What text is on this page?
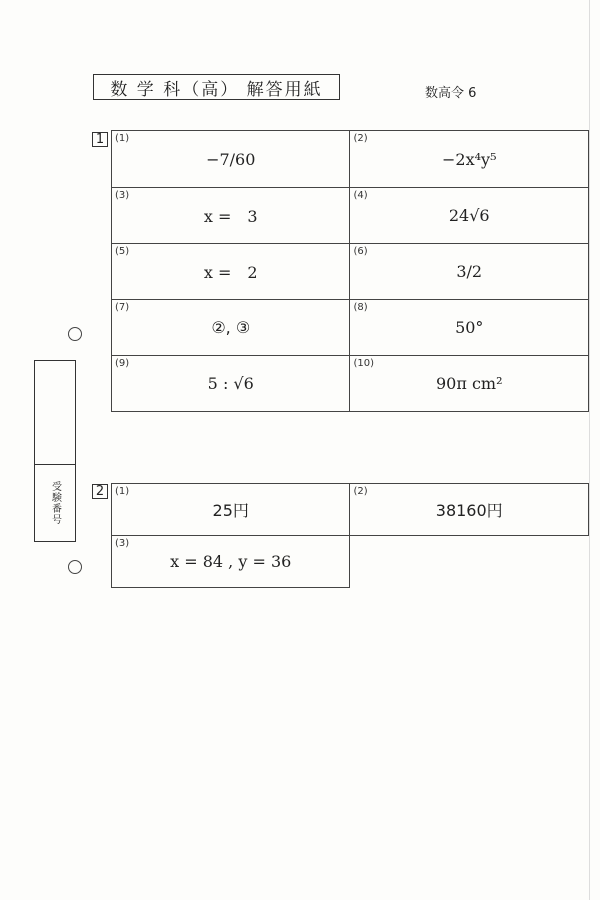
数 学 科（高） 解答用紙	数高令 6
受験番号
1	(1)
−7/60	(2)
−2x⁴y⁵

(3)
x =　3	(4)
24√6

(5)
x =　2	(6)
3/2

(7)
②, ③	(8)
50°

(9)
5 : √6	(10)
90π cm²
2	(1)
25円	(2)
38160円

(3)
x = 84 , y = 36	
